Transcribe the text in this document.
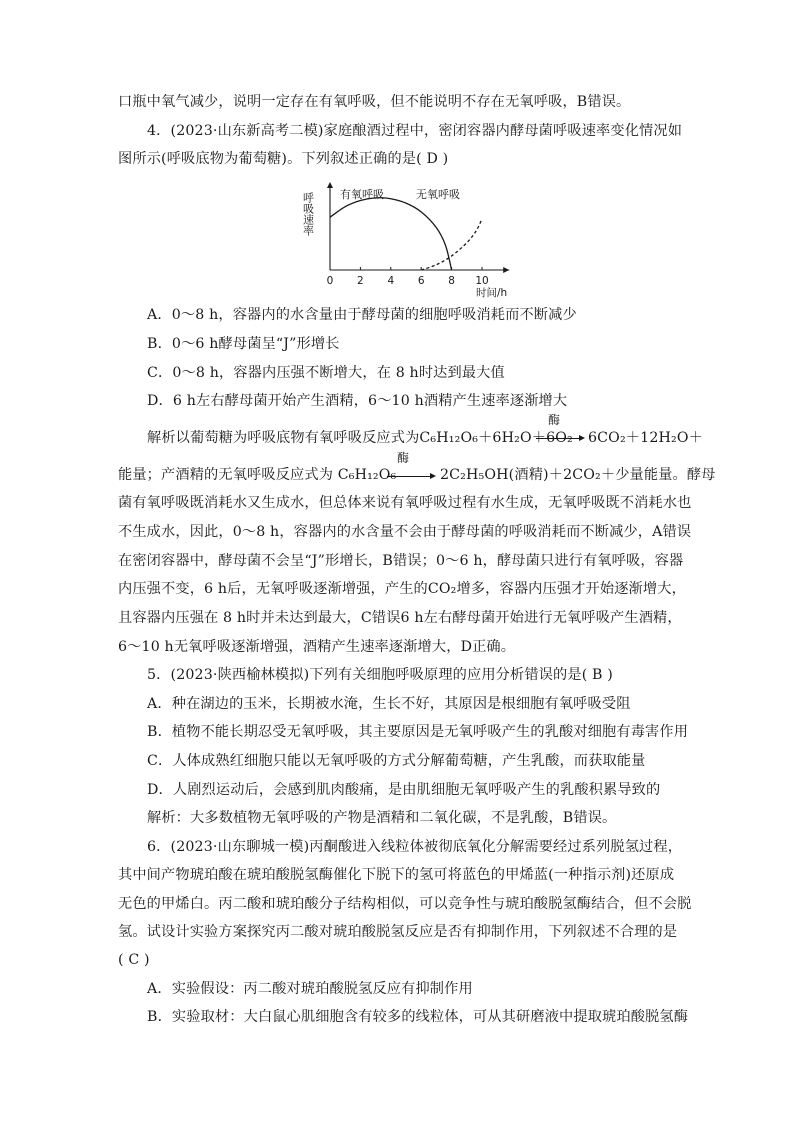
口瓶中氧气减少，说明一定存在有氧呼吸，但不能说明不存在无氧呼吸，B错误。
4．(2023·山东新高考二模)家庭酿酒过程中，密闭容器内酵母菌呼吸速率变化情况如
图所示(呼吸底物为葡萄糖)。下列叙述正确的是( D )
0 2 4 6 8 10
呼吸速率
时间/h
有氧呼吸	无氧呼吸
A．0～8 h，容器内的水含量由于酵母菌的细胞呼吸消耗而不断减少
B．0～6 h酵母菌呈“J”形增长
C．0～8 h，容器内压强不断增大，在 8 h时达到最大值
D．6 h左右酵母菌开始产生酒精，6～10 h酒精产生速率逐渐增大
解析以葡萄糖为呼吸底物有氧呼吸反应式为C₆H₁₂O₆＋6H₂O＋6O₂
酶
6CO₂＋12H₂O＋
能量；产酒精的无氧呼吸反应式为 C₆H₁₂O₆
酶
2C₂H₅OH(酒精)＋2CO₂＋少量能量。酵母
菌有氧呼吸既消耗水又生成水，但总体来说有氧呼吸过程有水生成，无氧呼吸既不消耗水也
不生成水，因此，0～8 h，容器内的水含量不会由于酵母菌的呼吸消耗而不断减少，A错误
在密闭容器中，酵母菌不会呈“J”形增长，B错误；0～6 h，酵母菌只进行有氧呼吸，容器
内压强不变，6 h后，无氧呼吸逐渐增强，产生的CO₂增多，容器内压强才开始逐渐增大，
且容器内压强在 8 h时并未达到最大，C错误6 h左右酵母菌开始进行无氧呼吸产生酒精，
6～10 h无氧呼吸逐渐增强，酒精产生速率逐渐增大，D正确。
5．(2023·陕西榆林模拟)下列有关细胞呼吸原理的应用分析错误的是( B )
A．种在湖边的玉米，长期被水淹，生长不好，其原因是根细胞有氧呼吸受阻
B．植物不能长期忍受无氧呼吸，其主要原因是无氧呼吸产生的乳酸对细胞有毒害作用
C．人体成熟红细胞只能以无氧呼吸的方式分解葡萄糖，产生乳酸，而获取能量
D．人剧烈运动后，会感到肌肉酸痛，是由肌细胞无氧呼吸产生的乳酸积累导致的
解析：大多数植物无氧呼吸的产物是酒精和二氧化碳，不是乳酸，B错误。
6．(2023·山东聊城一模)丙酮酸进入线粒体被彻底氧化分解需要经过系列脱氢过程，
其中间产物琥珀酸在琥珀酸脱氢酶催化下脱下的氢可将蓝色的甲烯蓝(一种指示剂)还原成
无色的甲烯白。丙二酸和琥珀酸分子结构相似，可以竞争性与琥珀酸脱氢酶结合，但不会脱
氢。试设计实验方案探究丙二酸对琥珀酸脱氢反应是否有抑制作用，下列叙述不合理的是
( C )
A．实验假设：丙二酸对琥珀酸脱氢反应有抑制作用
B．实验取材：大白鼠心肌细胞含有较多的线粒体，可从其研磨液中提取琥珀酸脱氢酶
